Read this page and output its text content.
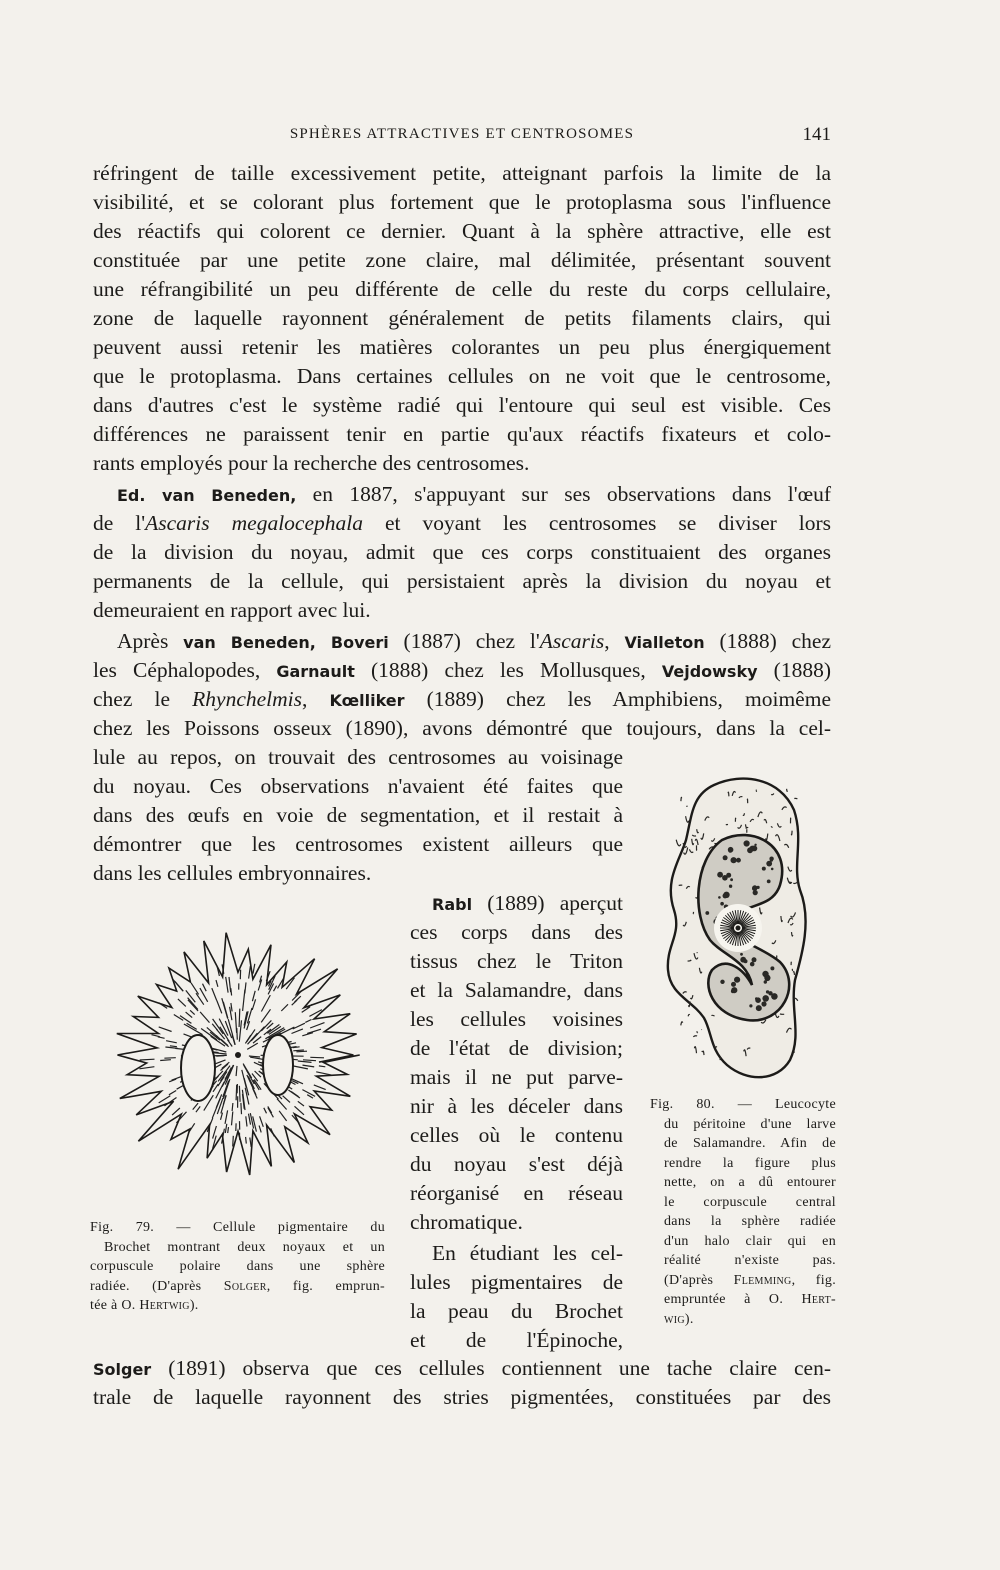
SPHÈRES ATTRACTIVES ET CENTROSOMES	141
réfringent de taille excessivement petite, atteignant parfois la limite de la
visibilité, et se colorant plus fortement que le protoplasma sous l'influence
des réactifs qui colorent ce dernier. Quant à la sphère attractive, elle est
constituée par une petite zone claire, mal délimitée, présentant souvent
une réfrangibilité un peu différente de celle du reste du corps cellulaire,
zone de laquelle rayonnent généralement de petits filaments clairs, qui
peuvent aussi retenir les matières colorantes un peu plus énergiquement
que le protoplasma. Dans certaines cellules on ne voit que le centrosome,
dans d'autres c'est le système radié qui l'entoure qui seul est visible. Ces
différences ne paraissent tenir en partie qu'aux réactifs fixateurs et colo-
rants employés pour la recherche des centrosomes.
Ed. van Beneden, en 1887, s'appuyant sur ses observations dans l'œuf
de l'Ascaris megalocephala et voyant les centrosomes se diviser lors
de la division du noyau, admit que ces corps constituaient des organes
permanents de la cellule, qui persistaient après la division du noyau et
demeuraient en rapport avec lui.
Après van Beneden, Boveri (1887) chez l'Ascaris, Vialleton (1888) chez
les Céphalopodes, Garnault (1888) chez les Mollusques, Vejdowsky (1888)
chez le Rhynchelmis, Kœlliker (1889) chez les Amphibiens, moimême
chez les Poissons osseux (1890), avons démontré que toujours, dans la cel-
lule au repos, on trouvait des centrosomes au voisinage
du noyau. Ces observations n'avaient été faites que
dans des œufs en voie de segmentation, et il restait à
démontrer que les centrosomes existent ailleurs que
dans les cellules embryonnaires.
Rabl (1889) aperçut
ces corps dans des
tissus chez le Triton
et la Salamandre, dans
les cellules voisines
de l'état de division;
mais il ne put parve-
nir à les déceler dans
celles où le contenu
du noyau s'est déjà
réorganisé en réseau
chromatique.
En étudiant les cel-
lules pigmentaires de
la peau du Brochet
et de l'Épinoche,
Solger (1891) observa que ces cellules contiennent une tache claire cen-
trale de laquelle rayonnent des stries pigmentées, constituées par des
Fig. 79. — Cellule pigmentaire du
Brochet montrant deux noyaux et un
corpuscule polaire dans une sphère
radiée. (D'après Solger, fig. emprun-
tée à O. Hertwig).
Fig. 80. — Leucocyte
du péritoine d'une larve
de Salamandre. Afin de
rendre la figure plus
nette, on a dû entourer
le corpuscule central
dans la sphère radiée
d'un halo clair qui en
réalité n'existe pas.
(D'après Flemming, fig.
empruntée à O. Hert-
wig).
